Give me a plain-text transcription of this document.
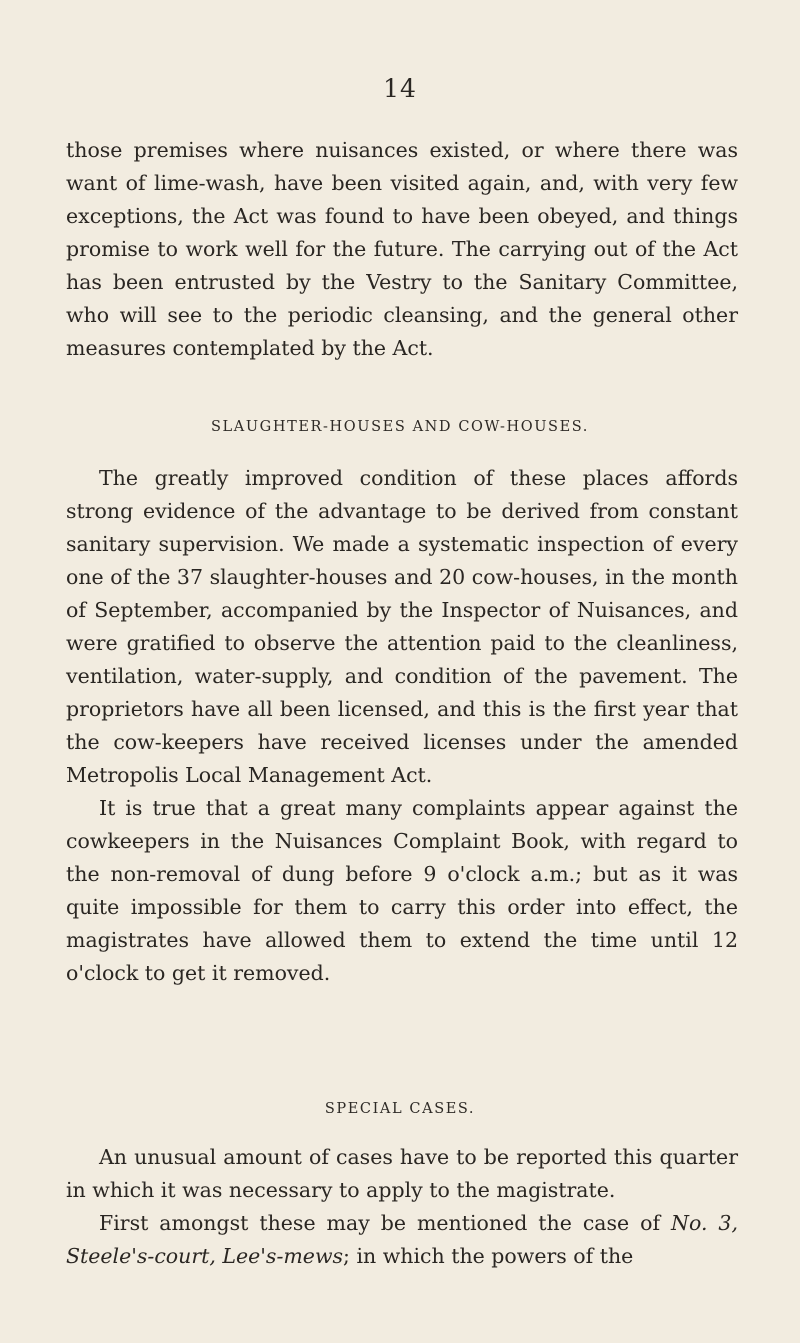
14

those premises where nuisances existed, or where there was want of lime-wash, have been visited again, and, with very few exceptions, the Act was found to have been obeyed, and things promise to work well for the future. The carrying out of the Act has been entrusted by the Vestry to the Sanitary Committee, who will see to the periodic cleansing, and the general other measures contemplated by the Act.

SLAUGHTER-HOUSES AND COW-HOUSES.

The greatly improved condition of these places affords strong evidence of the advantage to be derived from constant sanitary supervision. We made a systematic inspection of every one of the 37 slaughter-houses and 20 cow-houses, in the month of September, accompanied by the Inspector of Nuisances, and were gratified to observe the attention paid to the cleanliness, ventilation, water-supply, and condition of the pavement. The proprietors have all been licensed, and this is the first year that the cow-keepers have received licenses under the amended Metropolis Local Management Act.

It is true that a great many complaints appear against the cowkeepers in the Nuisances Complaint Book, with regard to the non-removal of dung before 9 o'clock a.m.; but as it was quite impossible for them to carry this order into effect, the magistrates have allowed them to extend the time until 12 o'clock to get it removed.

SPECIAL CASES.

An unusual amount of cases have to be reported this quarter in which it was necessary to apply to the magistrate.

First amongst these may be mentioned the case of No. 3, Steele's-court, Lee's-mews; in which the powers of the
